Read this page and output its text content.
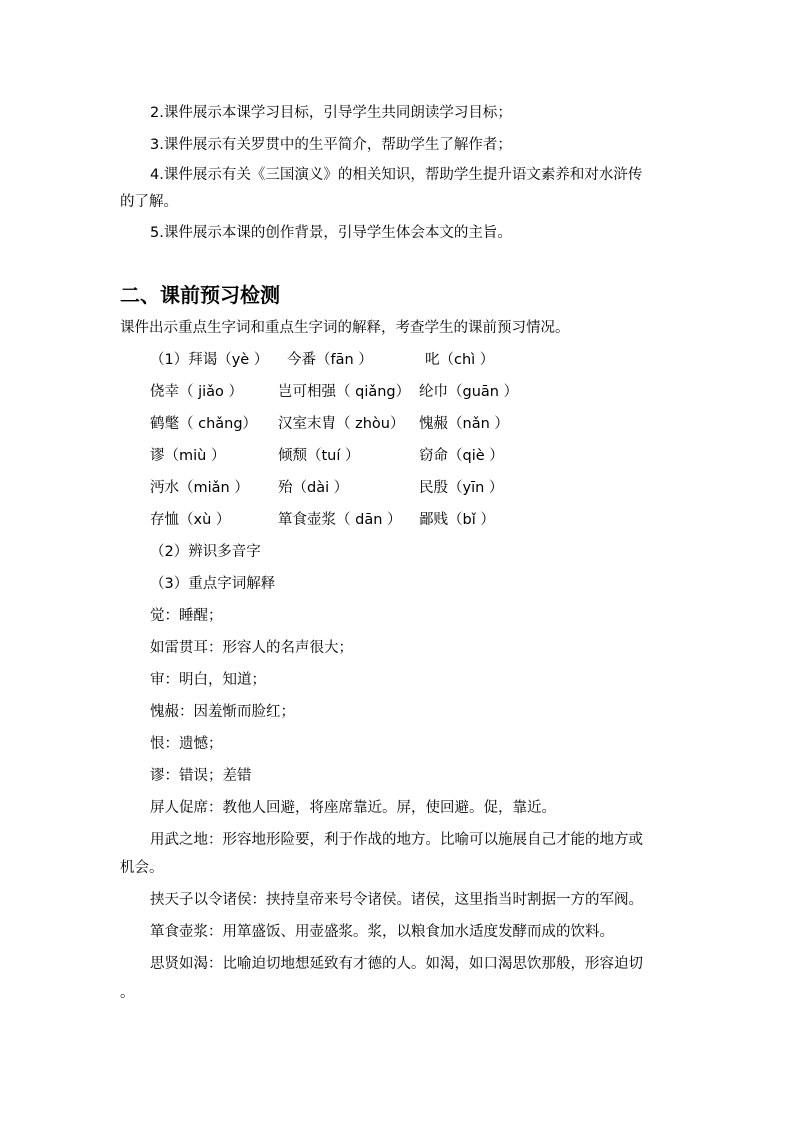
2.课件展示本课学习目标，引导学生共同朗读学习目标；
3.课件展示有关罗贯中的生平简介，帮助学生了解作者；
4.课件展示有关《三国演义》的相关知识，帮助学生提升语文素养和对水浒传
的了解。
5.课件展示本课的创作背景，引导学生体会本文的主旨。
二、课前预习检测
课件出示重点生字词和重点生字词的解释，考查学生的课前预习情况。
（1）拜谒（yè ） 今番（fān ）	叱（chì ）
侥幸（ jiǎo ） 岂可相强（ qiǎng） 纶巾（guān ）
鹤氅（ chǎng） 汉室末胄（ zhòu） 愧赧（nǎn ）
谬（miù ）	倾颓（tuí ）	窃命（qiè ）
沔水（miǎn ） 殆（dài ）	民殷（yīn ）
存恤（xù ）	箪食壶浆（ dān ） 鄙贱（bǐ ）
（2）辨识多音字
（3）重点字词解释
觉：睡醒；
如雷贯耳：形容人的名声很大；
审：明白，知道；
愧赧：因羞惭而脸红；
恨：遗憾；
谬：错误；差错
屏人促席：教他人回避，将座席靠近。屏，使回避。促，靠近。
用武之地：形容地形险要，利于作战的地方。比喻可以施展自己才能的地方或
机会。
挟天子以令诸侯：挟持皇帝来号令诸侯。诸侯，这里指当时割据一方的军阀。
箪食壶浆：用箪盛饭、用壶盛浆。浆，以粮食加水适度发酵而成的饮料。
思贤如渴：比喻迫切地想延致有才德的人。如渴，如口渴思饮那般，形容迫切
。
